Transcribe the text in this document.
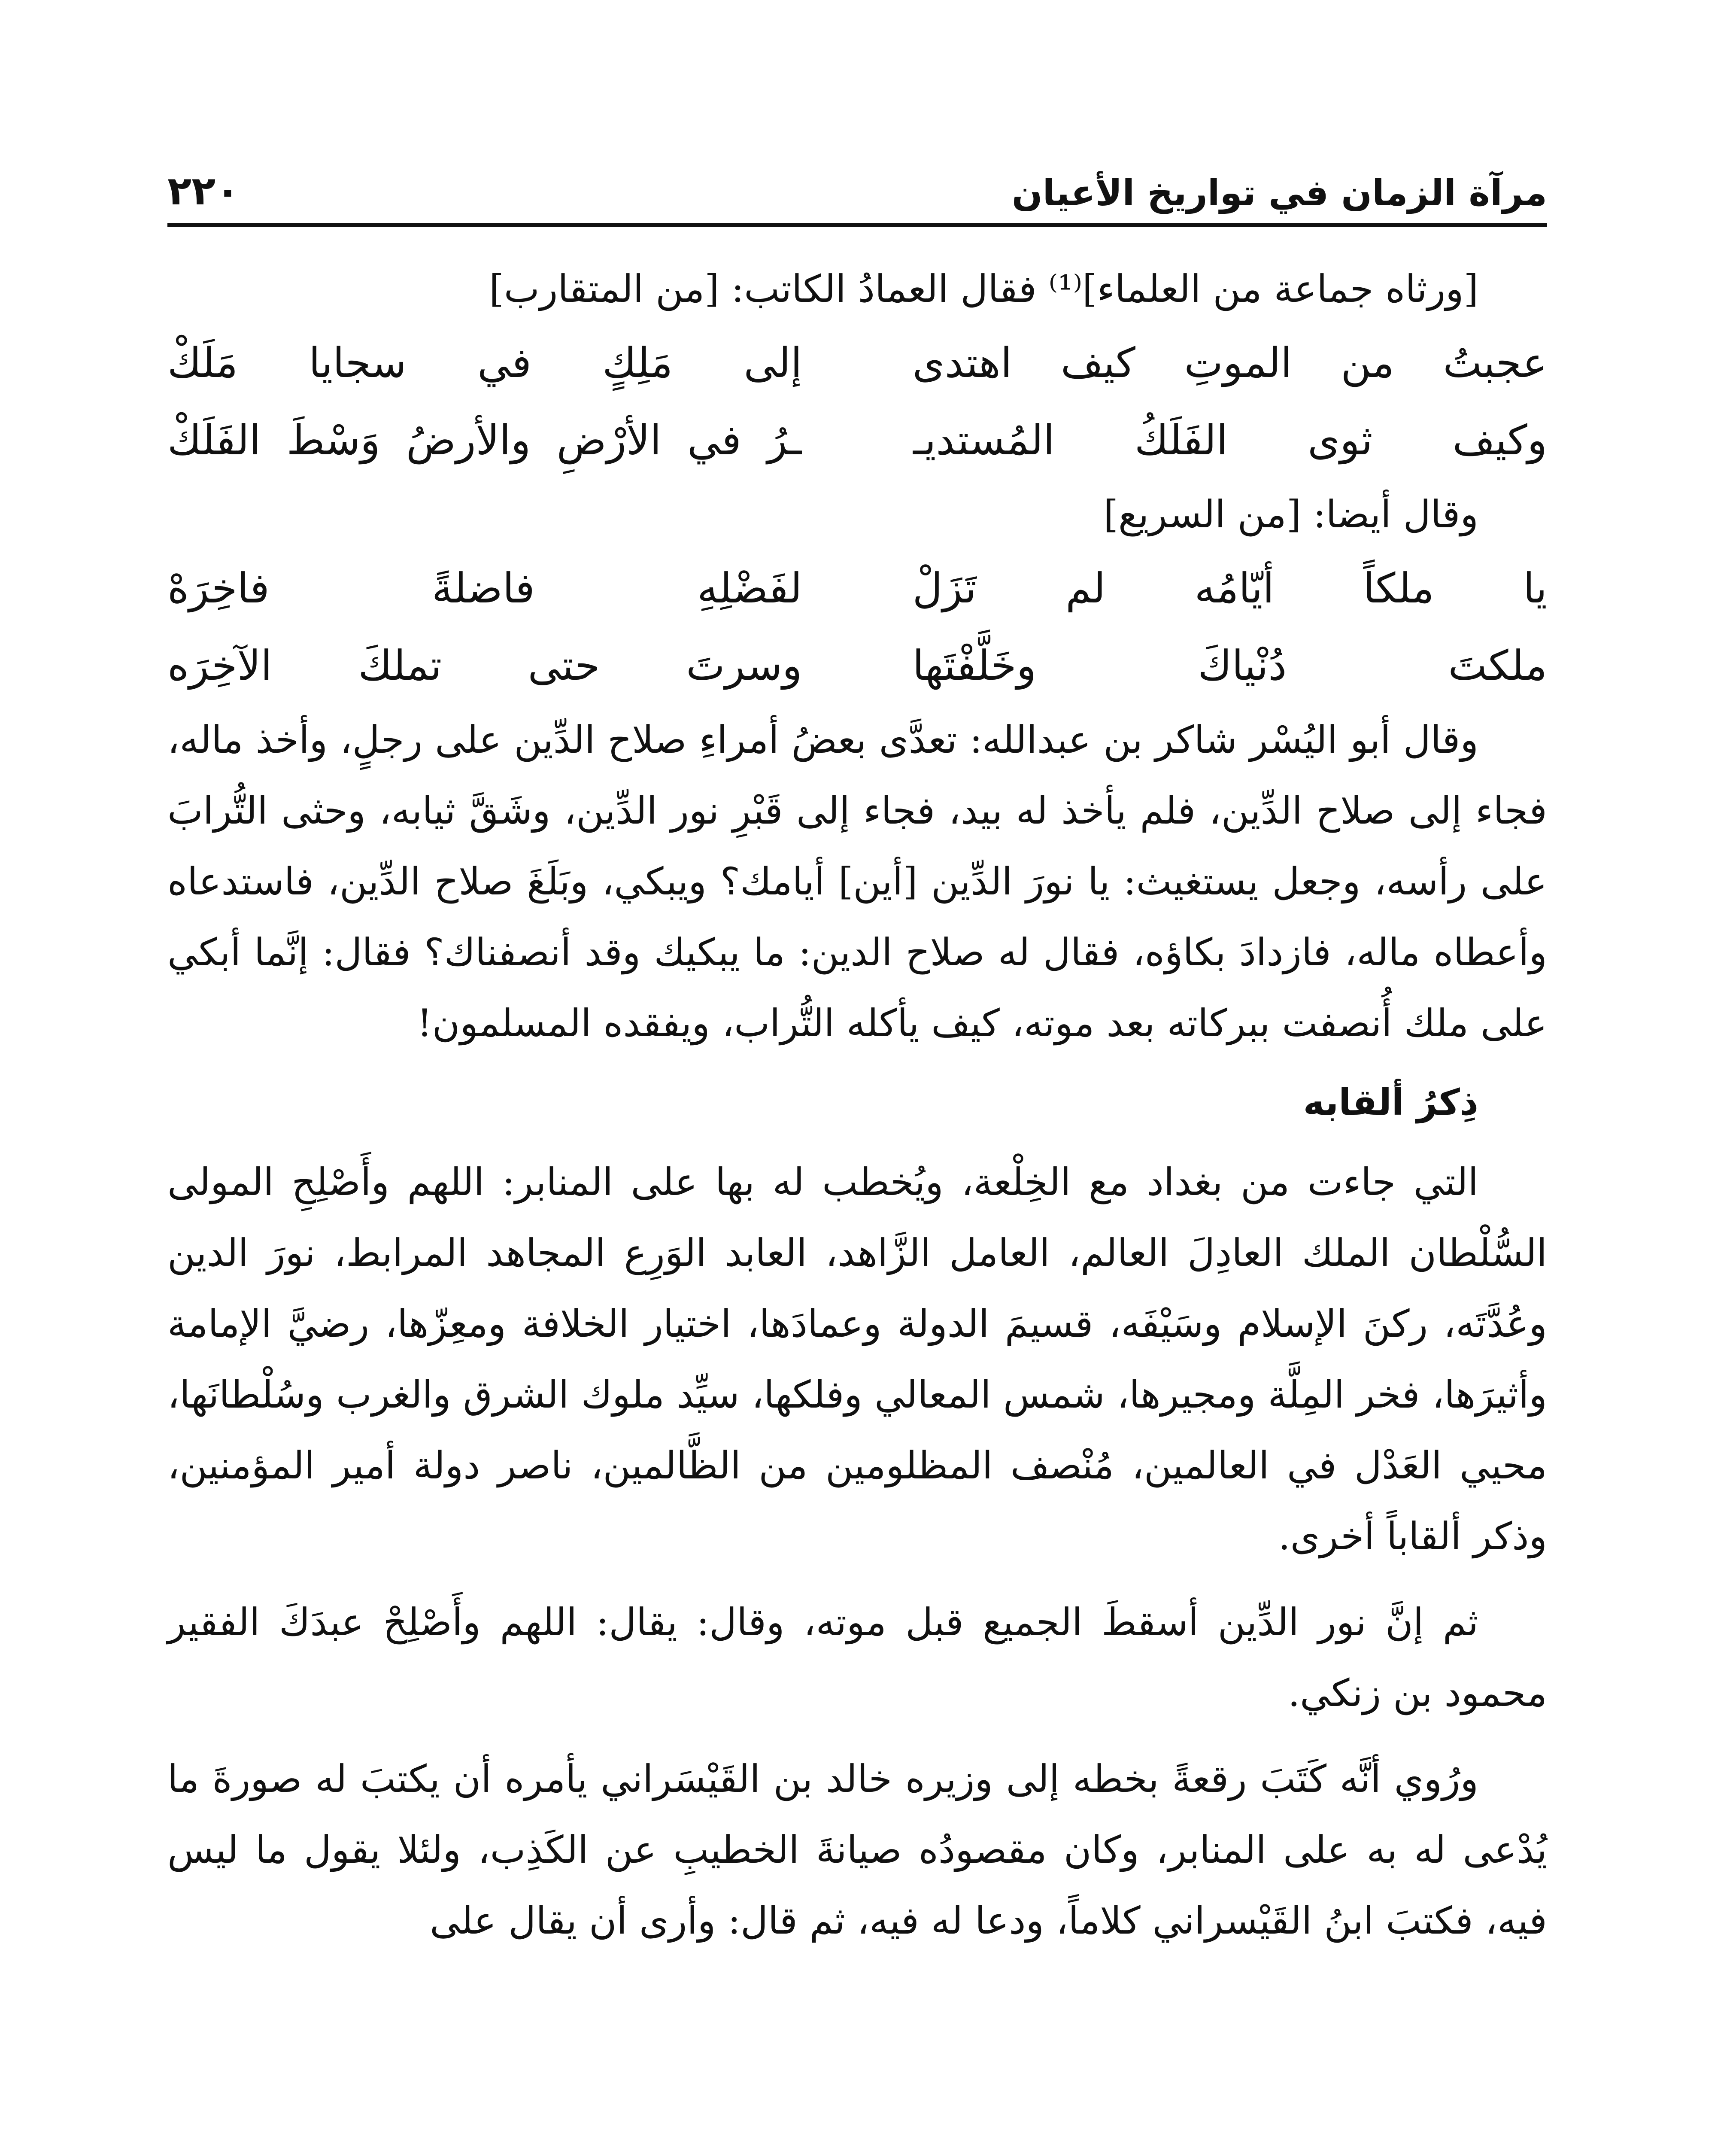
مرآة الزمان في تواريخ الأعيان
٢٢٠

[ورثاه جماعة من العلماء]⁽¹⁾ فقال العمادُ الكاتب: [من المتقارب]

عجبتُ من الموتِ كيف اهتدى
إلى مَلِكٍ في سجايا مَلَكْ
وكيف ثوى الفَلَكُ المُستديـ
ـرُ في الأرْضِ والأرضُ وَسْطَ الفَلَكْ

وقال أيضا: [من السريع]

يا ملكاً أيّامُه لم تَزَلْ
لفَضْلِهِ فاضلةً فاخِرَهْ
ملكتَ دُنْياكَ وخَلَّفْتَها
وسرتَ حتى تملكَ الآخِرَه

وقال أبو اليُسْر شاكر بن عبدالله: تعدَّى بعضُ أمراءِ صلاح الدِّين على رجلٍ، وأخذ ماله، فجاء إلى صلاح الدِّين، فلم يأخذ له بيد، فجاء إلى قَبْرِ نور الدِّين، وشَقَّ ثيابه، وحثى التُّرابَ على رأسه، وجعل يستغيث: يا نورَ الدِّين [أين] أيامك؟ ويبكي، وبَلَغَ صلاح الدِّين، فاستدعاه وأعطاه ماله، فازدادَ بكاؤه، فقال له صلاح الدين: ما يبكيك وقد أنصفناك؟ فقال: إنَّما أبكي على ملك أُنصفت ببركاته بعد موته، كيف يأكله التُّراب، ويفقده المسلمون!

ذِكرُ ألقابه

التي جاءت من بغداد مع الخِلْعة، ويُخطب له بها على المنابر: اللهم وأَصْلِحِ المولى السُّلْطان الملك العادِلَ العالم، العامل الزَّاهد، العابد الوَرِع المجاهد المرابط، نورَ الدين وعُدَّتَه، ركنَ الإسلام وسَيْفَه، قسيمَ الدولة وعمادَها، اختيار الخلافة ومعِزّها، رضيَّ الإمامة وأثيرَها، فخر المِلَّة ومجيرها، شمس المعالي وفلكها، سيِّد ملوك الشرق والغرب وسُلْطانَها، محيي العَدْل في العالمين، مُنْصف المظلومين من الظَّالمين، ناصر دولة أمير المؤمنين، وذكر ألقاباً أخرى.

ثم إنَّ نور الدِّين أسقطَ الجميع قبل موته، وقال: يقال: اللهم وأَصْلِحْ عبدَكَ الفقير محمود بن زنكي.

ورُوي أنَّه كَتَبَ رقعةً بخطه إلى وزيره خالد بن القَيْسَراني يأمره أن يكتبَ له صورةَ ما يُدْعى له به على المنابر، وكان مقصودُه صيانةَ الخطيبِ عن الكَذِب، ولئلا يقول ما ليس فيه، فكتبَ ابنُ القَيْسراني كلاماً، ودعا له فيه، ثم قال: وأرى أن يقال على
